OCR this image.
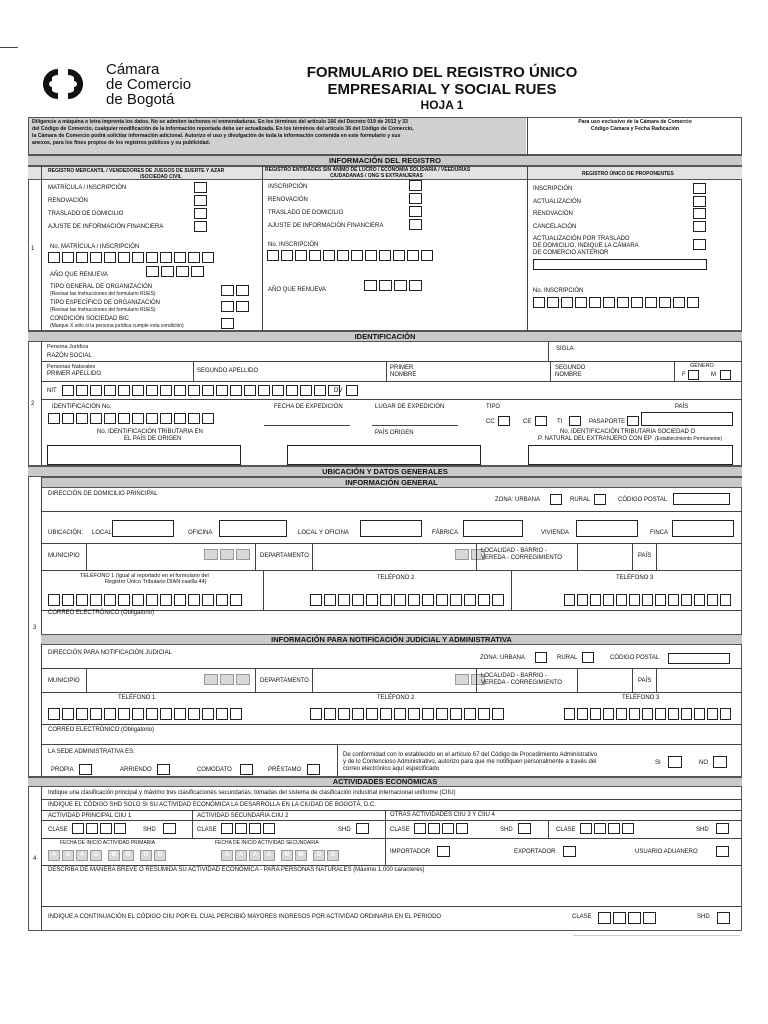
Cámara
de Comercio
de Bogotá
FORMULARIO DEL REGISTRO ÚNICO
EMPRESARIAL Y SOCIAL RUES
HOJA 1
Diligencie a máquina o letra imprenta los datos. No se admiten tachones ni enmendaduras. En los términos del artículo 166 del Decreto 019 de 2012 y 33
del Código de Comercio, cualquier modificación de la información reportada debe ser actualizada. En los términos del artículo 36 del Código de Comercio,
la Cámara de Comercio podrá solicitar información adicional. Autorizo el uso y divulgación de toda la información contenida en este formulario y sus
anexos, para los fines propios de los registros públicos y su publicidad.
Para uso exclusivo de la Cámara de Comercio
Código Cámara y Fecha Radicación
INFORMACIÓN DEL REGISTRO
1
REGISTRO MERCANTIL / VENDEDORES DE JUEGOS DE SUERTE Y AZAR
/SOCIEDAD CIVIL
REGISTRO ENTIDADES SIN ÁNIMO DE LUCRO / ECONOMÍA SOLIDARIA / VEEDURÍAS
CIUDADANAS / ONG´S EXTRANJERAS	REGISTRO ÚNICO DE PROPONENTES
MATRÍCULA / INSCRIPCIÓN
RENOVACIÓN
TRASLADO DE DOMICILIO
AJUSTE DE INFORMACIÓN FINANCIERA
No. MATRÍCULA / INSCRIPCIÓN
AÑO QUE RENUEVA
TIPO GENERAL DE ORGANIZACIÓN
(Revisar las instrucciones del formulario RUES)
TIPO ESPECÍFICO DE ORGANIZACIÓN
(Revisar las instrucciones del formulario RUES)
CONDICIÓN SOCIEDAD BIC
(Marque X sólo si la persona jurídica cumple esta condición)
INSCRIPCIÓN
RENOVACIÓN
TRASLADO DE DOMICILIO
AJUSTE DE INFORMACIÓN FINANCIERA
No. INSCRIPCIÓN
AÑO QUE RENUEVA
INSCRIPCIÓN
ACTUALIZACIÓN
RENOVACIÓN
CANCELACIÓN
ACTUALIZACIÓN POR TRASLADO
DE DOMICILIO, INDIQUE LA CÁMARA
DE COMERCIO ANTERIOR
No. INSCRIPCIÓN
IDENTIFICACIÓN
2
Persona Jurídica
RAZÓN SOCIAL
SIGLA
Personas Naturales
PRIMER APELLIDO	SEGUNDO APELLIDO	PRIMER
NOMBRE
SEGUNDO
NOMBRE
GÉNERO
F	M
NIT	DV
IDENTIFICACIÓN No.	FECHA DE EXPEDICIÓN	LUGAR DE EXPEDICIÓN	TIPO	PAÍS
CC	CE	TI	PASAPORTE
No. IDENTIFICACIÓN TRIBUTARIA EN
EL PAÍS DE ORIGEN
PAÍS ORIGEN	No. IDENTIFICACIÓN TRIBUTARIA SOCIEDAD O
P. NATURAL DEL EXTRANJERO CON EP (Establecimiento Permanente)
UBICACIÓN Y DATOS GENERALES
INFORMACIÓN GENERAL
3
DIRECCIÓN DE DOMICILIO PRINCIPAL
ZONA: URBANA	RURAL	CÓDIGO POSTAL
UBICACIÓN: LOCAL	OFICINA	LOCAL Y OFICINA	FÁBRICA	VIVIENDA	FINCA
MUNICIPIO	DEPARTAMENTO
LOCALIDAD - BARRIO -
VEREDA - CORREGIMIENTO	PAÍS
TELÉFONO 1 (Igual al reportado en el formulario del
Registro Único Tributario DIAN casilla 44)
TELÉFONO 2	TELÉFONO 3
CORREO ELECTRÓNICO (Obligatorio)
INFORMACIÓN PARA NOTIFICACIÓN JUDICIAL Y ADMINISTRATIVA
DIRECCIÓN PARA NOTIFICACIÓN JUDICIAL
ZONA: URBANA	RURAL	CÓDIGO POSTAL
MUNICIPIO	DEPARTAMENTO
LOCALIDAD - BARRIO -
VEREDA - CORREGIMIENTO	PAÍS
TELÉFONO 1	TELÉFONO 2	TELÉFONO 3
CORREO ELECTRÓNICO (Obligatorio)
LA SEDE ADMINISTRATIVA ES:
PROPIA	ARRIENDO	COMODATO	PRÉSTAMO
De conformidad con lo establecido en el artículo 67 del Código de Procedimiento Administrativo
y de lo Contencioso Administrativo, autorizo para que me notifiquen personalmente a través del
correo electrónico aquí especificado
SI	NO
ACTIVIDADES ECONÓMICAS
4
Indique una clasificación principal y máximo tres clasificaciones secundarias, tomadas del sistema de clasificación industrial internacional uniforme (CIIU)
INDIQUE EL CÓDIGO SHD SOLO SI SU ACTIVIDAD ECONÓMICA LA DESARROLLA EN LA CIUDAD DE BOGOTÁ, D.C.
ACTIVIDAD PRINCIPAL CIIU 1	ACTIVIDAD SECUNDARIA CIIU 2	OTRAS ACTIVIDADES CIIU 3 Y CIIU 4
CLASE	SHD	CLASE	SHD	CLASE	SHD	CLASE	SHD
FECHA DE INICIO ACTIVIDAD PRIMARIA
A	A	A	A	M	M	D	D
FECHA DE INICIO ACTIVIDAD SECUNDARIA
A	A	A	A	M	M	D	D	IMPORTADOR	EXPORTADOR	USUARIO ADUANERO
DESCRIBA DE MANERA BREVE O RESUMIDA SU ACTIVIDAD ECONÓMICA - PARA PERSONAS NATURALES (Máximo 1.000 caracteres)
INDIQUE A CONTINUACIÓN EL CÓDIGO CIIU POR EL CUAL PERCIBIÓ MAYORES INGRESOS POR ACTIVIDAD ORDINARIA EN EL PERIODO	CLASE	SHD
